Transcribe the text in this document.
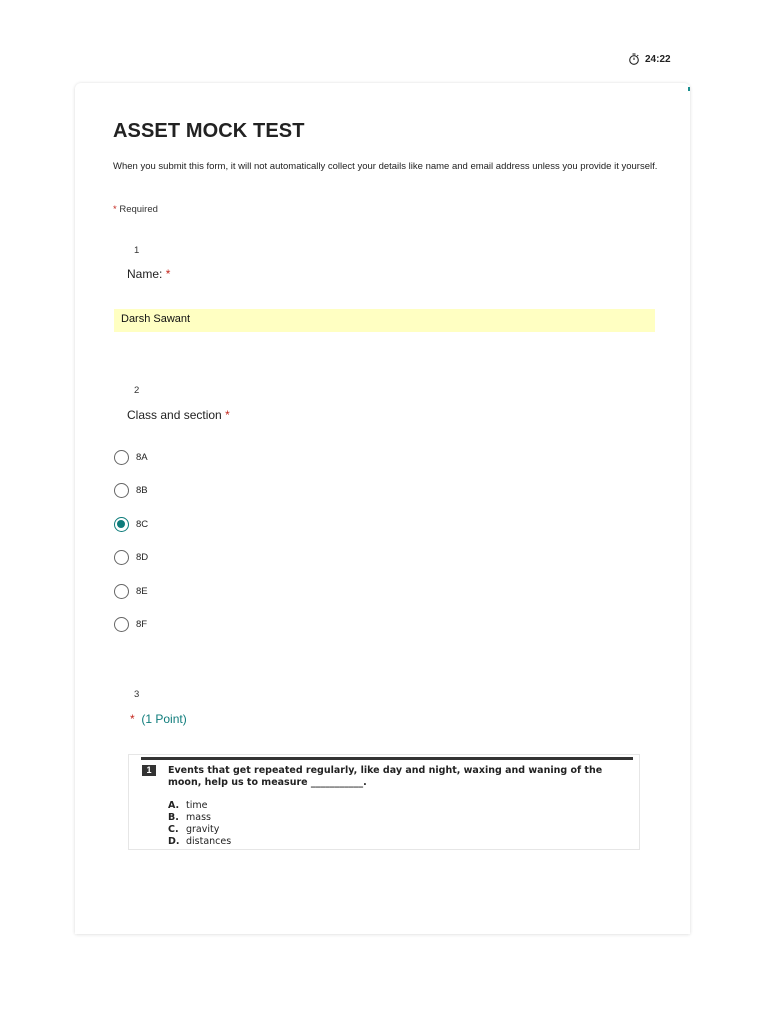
24:22
ASSET MOCK TEST
When you submit this form, it will not automatically collect your details like name and email address unless you provide it yourself.
* Required
1
Name: *
Darsh Sawant
2
Class and section *
8A
8B
8C
8D
8E
8F
3
* (1 Point)
1	Events that get repeated regularly, like day and night, waxing and waning of the moon, help us to measure ___________.
A. time
B. mass
C. gravity
D. distances
